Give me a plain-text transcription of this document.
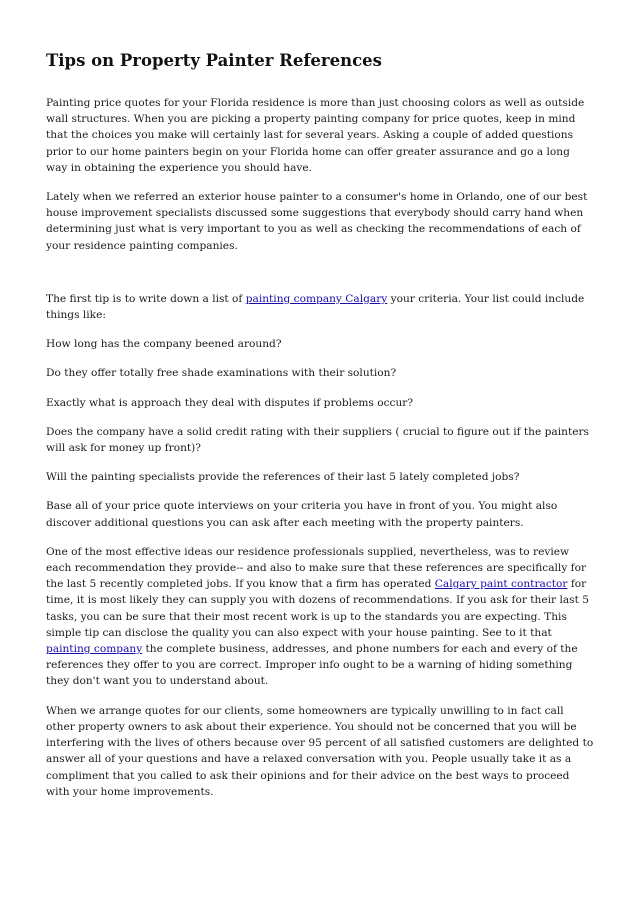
Tips on Property Painter References

Painting price quotes for your Florida residence is more than just choosing colors as well as outside wall structures. When you are picking a property painting company for price quotes, keep in mind that the choices you make will certainly last for several years. Asking a couple of added questions prior to our home painters begin on your Florida home can offer greater assurance and go a long way in obtaining the experience you should have.

Lately when we referred an exterior house painter to a consumer's home in Orlando, one of our best house improvement specialists discussed some suggestions that everybody should carry hand when determining just what is very important to you as well as checking the recommendations of each of your residence painting companies.

The first tip is to write down a list of painting company Calgary your criteria. Your list could include things like:

How long has the company beened around?

Do they offer totally free shade examinations with their solution?

Exactly what is approach they deal with disputes if problems occur?

Does the company have a solid credit rating with their suppliers ( crucial to figure out if the painters will ask for money up front)?

Will the painting specialists provide the references of their last 5 lately completed jobs?

Base all of your price quote interviews on your criteria you have in front of you. You might also discover additional questions you can ask after each meeting with the property painters.

One of the most effective ideas our residence professionals supplied, nevertheless, was to review each recommendation they provide-- and also to make sure that these references are specifically for the last 5 recently completed jobs. If you know that a firm has operated Calgary paint contractor for time, it is most likely they can supply you with dozens of recommendations. If you ask for their last 5 tasks, you can be sure that their most recent work is up to the standards you are expecting. This simple tip can disclose the quality you can also expect with your house painting. See to it that painting company the complete business, addresses, and phone numbers for each and every of the references they offer to you are correct. Improper info ought to be a warning of hiding something they don't want you to understand about.

When we arrange quotes for our clients, some homeowners are typically unwilling to in fact call other property owners to ask about their experience. You should not be concerned that you will be interfering with the lives of others because over 95 percent of all satisfied customers are delighted to answer all of your questions and have a relaxed conversation with you. People usually take it as a compliment that you called to ask their opinions and for their advice on the best ways to proceed with your home improvements.
